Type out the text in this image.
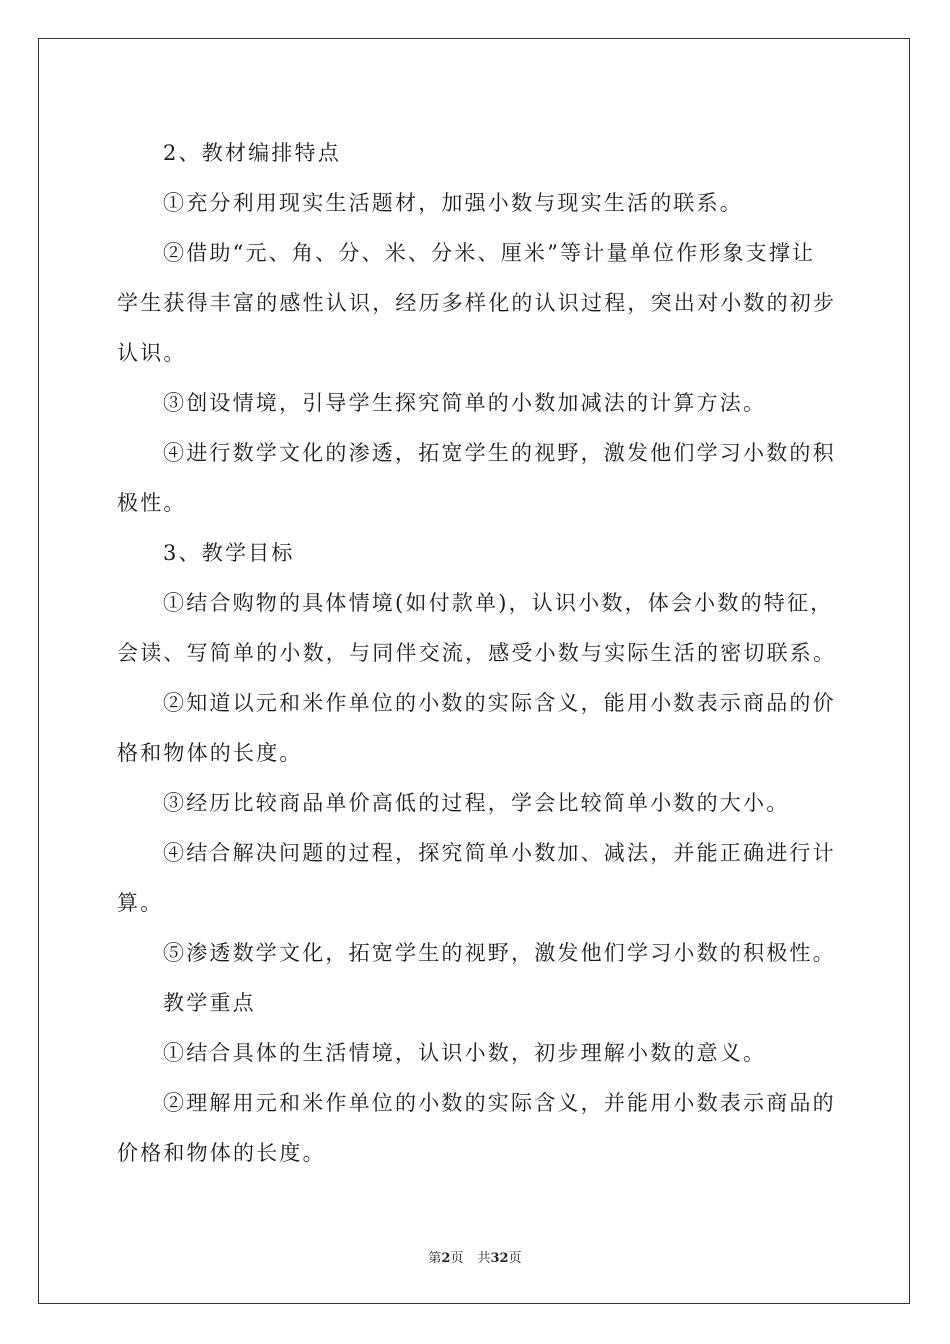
2、教材编排特点

①充分利用现实生活题材，加强小数与现实生活的联系。

②借助“元、角、分、米、分米、厘米”等计量单位作形象支撑让学生获得丰富的感性认识，经历多样化的认识过程，突出对小数的初步认识。

③创设情境，引导学生探究简单的小数加减法的计算方法。

④进行数学文化的渗透，拓宽学生的视野，激发他们学习小数的积极性。

3、教学目标

①结合购物的具体情境(如付款单)，认识小数，体会小数的特征，会读、写简单的小数，与同伴交流，感受小数与实际生活的密切联系。

②知道以元和米作单位的小数的实际含义，能用小数表示商品的价格和物体的长度。

③经历比较商品单价高低的过程，学会比较简单小数的大小。

④结合解决问题的过程，探究简单小数加、减法，并能正确进行计算。

⑤渗透数学文化，拓宽学生的视野，激发他们学习小数的积极性。

教学重点

①结合具体的生活情境，认识小数，初步理解小数的意义。

②理解用元和米作单位的小数的实际含义，并能用小数表示商品的价格和物体的长度。

第2页 共32页
